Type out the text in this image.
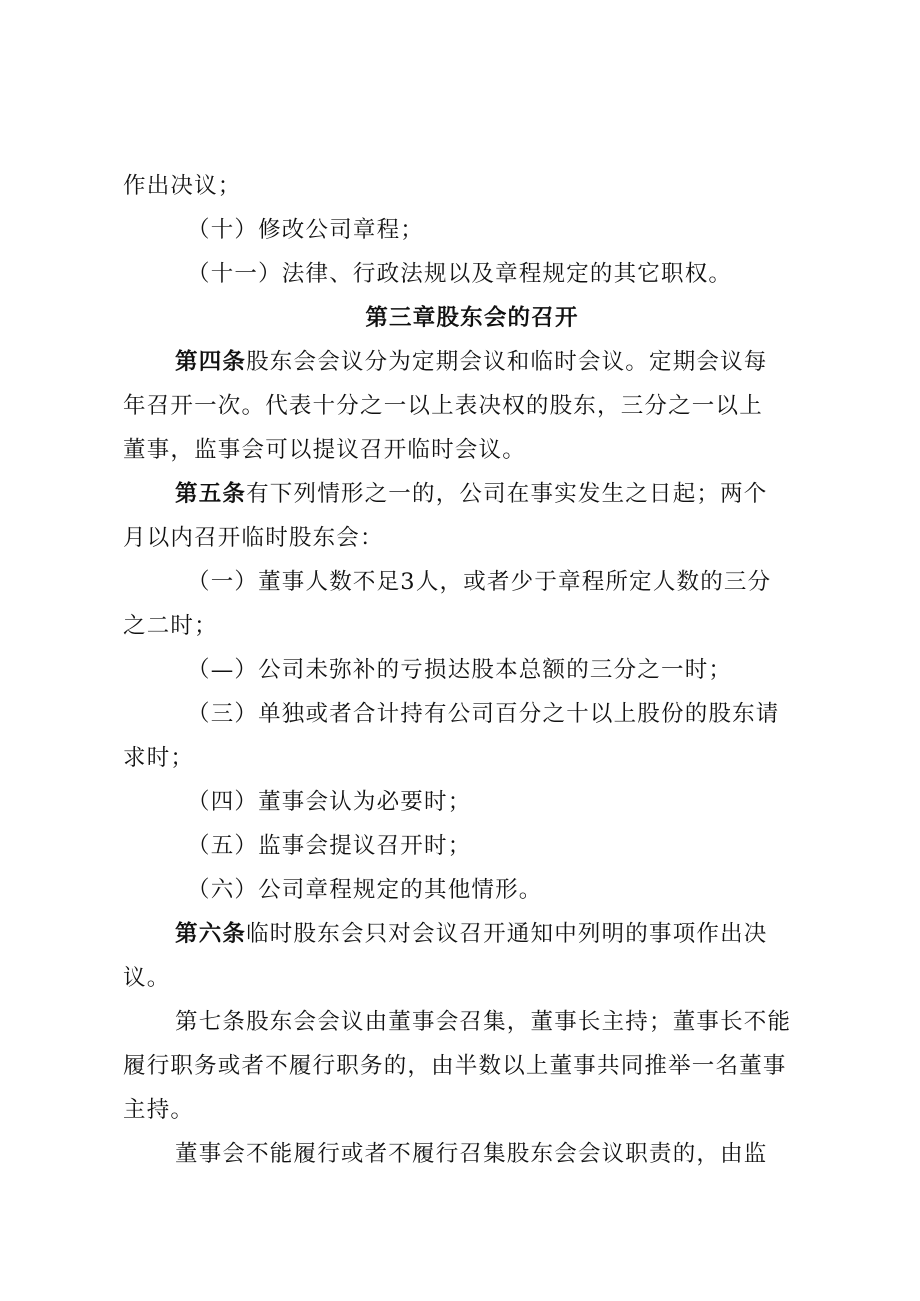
作出决议；
（十）修改公司章程；
（十一）法律、行政法规以及章程规定的其它职权。
第三章股东会的召开
第四条股东会会议分为定期会议和临时会议。定期会议每
年召开一次。代表十分之一以上表决权的股东，三分之一以上
董事，监事会可以提议召开临时会议。
第五条有下列情形之一的，公司在事实发生之日起；两个
月以内召开临时股东会：
（一）董事人数不足3人，或者少于章程所定人数的三分
之二时；
（—）公司未弥补的亏损达股本总额的三分之一时；
（三）单独或者合计持有公司百分之十以上股份的股东请
求时；
（四）董事会认为必要时；
（五）监事会提议召开时；
（六）公司章程规定的其他情形。
第六条临时股东会只对会议召开通知中列明的事项作出决
议。
第七条股东会会议由董事会召集，董事长主持；董事长不能
履行职务或者不履行职务的，由半数以上董事共同推举一名董事
主持。
董事会不能履行或者不履行召集股东会会议职责的，由监
